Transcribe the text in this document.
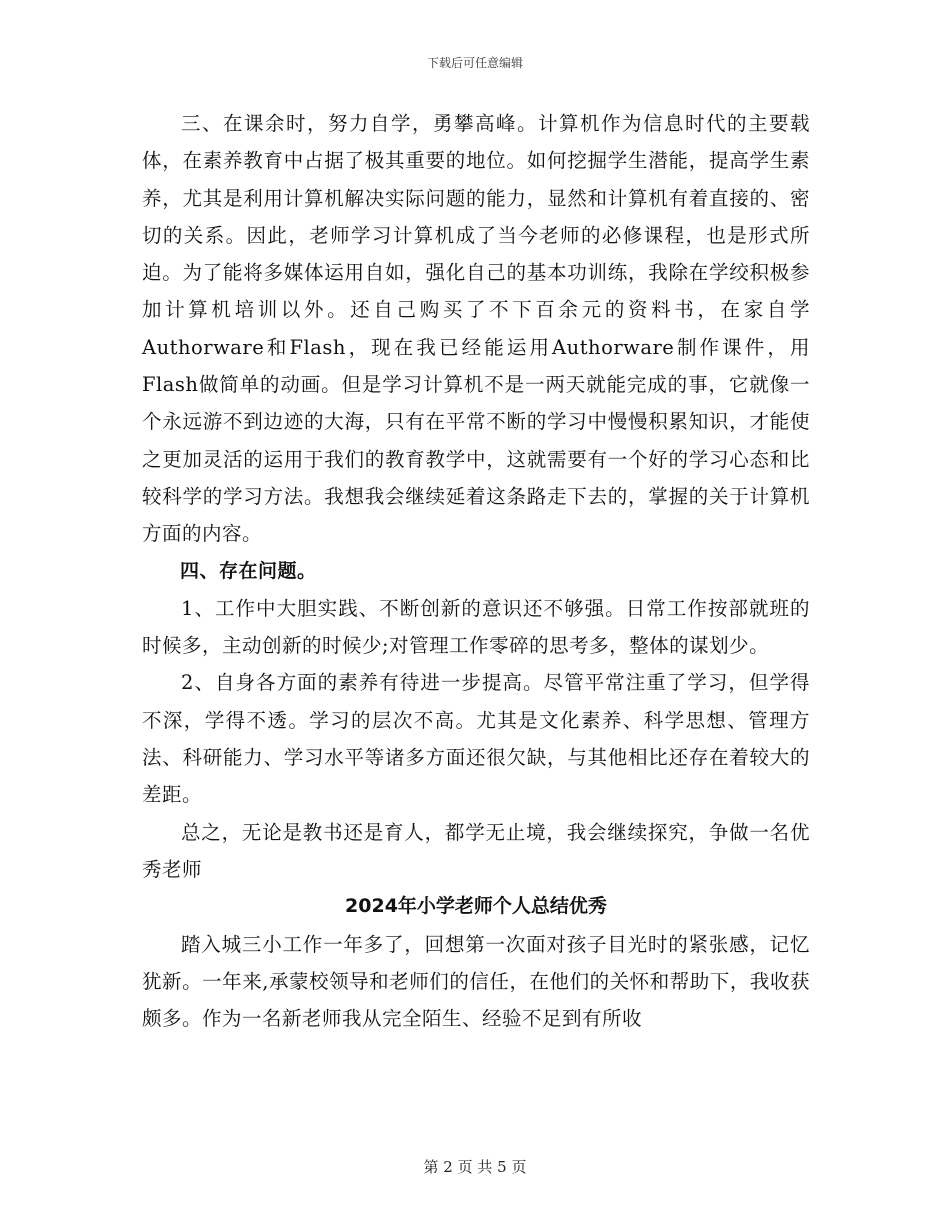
下载后可任意编辑

三、在课余时，努力自学，勇攀高峰。计算机作为信息时代的主要载体，在素养教育中占据了极其重要的地位。如何挖掘学生潜能，提高学生素养，尤其是利用计算机解决实际问题的能力，显然和计算机有着直接的、密切的关系。因此，老师学习计算机成了当今老师的必修课程，也是形式所迫。为了能将多媒体运用自如，强化自己的基本功训练，我除在学绞积极参加计算机培训以外。还自己购买了不下百余元的资料书，在家自学Authorware和Flash，现在我已经能运用Authorware制作课件，用Flash做简单的动画。但是学习计算机不是一两天就能完成的事，它就像一个永远游不到边迹的大海，只有在平常不断的学习中慢慢积累知识，才能使之更加灵活的运用于我们的教育教学中，这就需要有一个好的学习心态和比较科学的学习方法。我想我会继续延着这条路走下去的，掌握的关于计算机方面的内容。

四、存在问题。

1、工作中大胆实践、不断创新的意识还不够强。日常工作按部就班的时候多，主动创新的时候少;对管理工作零碎的思考多，整体的谋划少。

2、自身各方面的素养有待进一步提高。尽管平常注重了学习，但学得不深，学得不透。学习的层次不高。尤其是文化素养、科学思想、管理方法、科研能力、学习水平等诸多方面还很欠缺，与其他相比还存在着较大的差距。

总之，无论是教书还是育人，都学无止境，我会继续探究，争做一名优秀老师

2024年小学老师个人总结优秀

踏入城三小工作一年多了，回想第一次面对孩子目光时的紧张感，记忆犹新。一年来,承蒙校领导和老师们的信任，在他们的关怀和帮助下，我收获颇多。作为一名新老师我从完全陌生、经验不足到有所收

第 2 页 共 5 页
